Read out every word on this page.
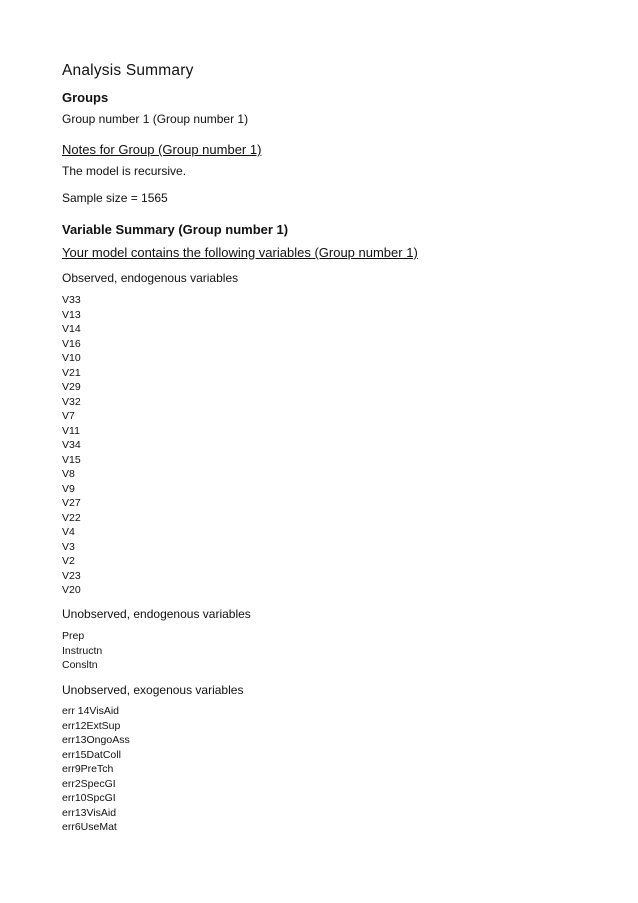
Analysis Summary
Groups
Group number 1 (Group number 1)
Notes for Group (Group number 1)
The model is recursive.
Sample size = 1565
Variable Summary (Group number 1)
Your model contains the following variables (Group number 1)
Observed, endogenous variables
V33
V13
V14
V16
V10
V21
V29
V32
V7
V11
V34
V15
V8
V9
V27
V22
V4
V3
V2
V23
V20
Unobserved, endogenous variables
Prep
Instructn
Consltn
Unobserved, exogenous variables
err 14VisAid
err12ExtSup
err13OngoAss
err15DatColl
err9PreTch
err2SpecGI
err10SpcGI
err13VisAid
err6UseMat
